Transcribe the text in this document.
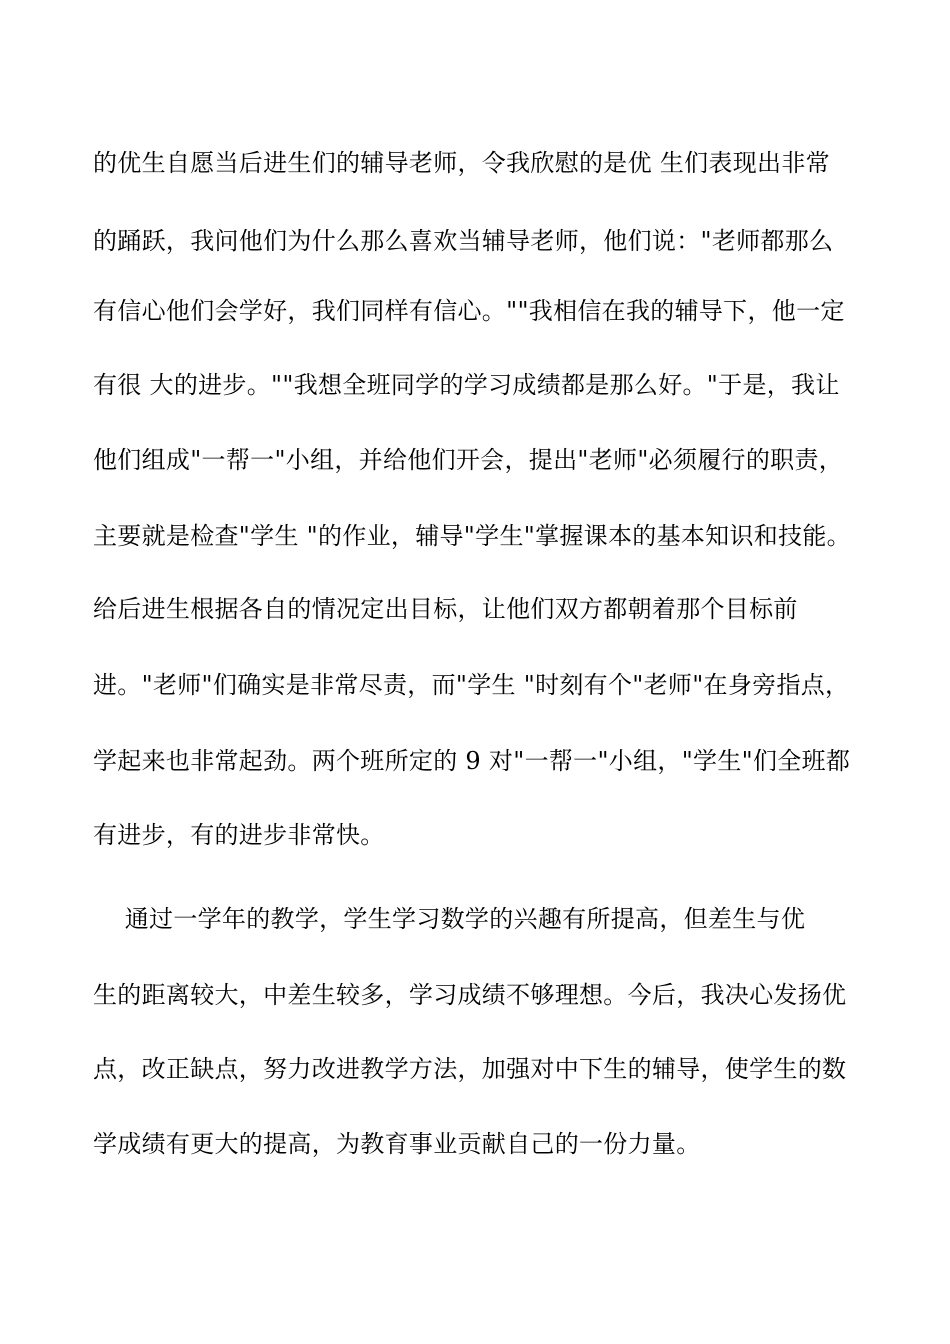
的优生自愿当后进生们的辅导老师，令我欣慰的是优 生们表现出非常
的踊跃，我问他们为什么那么喜欢当辅导老师，他们说："老师都那么
有信心他们会学好，我们同样有信心。""我相信在我的辅导下，他一定
有很 大的进步。""我想全班同学的学习成绩都是那么好。"于是，我让
他们组成"一帮一"小组，并给他们开会，提出"老师"必须履行的职责，
主要就是检查"学生 "的作业，辅导"学生"掌握课本的基本知识和技能。
给后进生根据各自的情况定出目标，让他们双方都朝着那个目标前
进。"老师"们确实是非常尽责，而"学生 "时刻有个"老师"在身旁指点，
学起来也非常起劲。两个班所定的 9 对"一帮一"小组，"学生"们全班都
有进步，有的进步非常快。
通过一学年的教学，学生学习数学的兴趣有所提高，但差生与优
生的距离较大，中差生较多，学习成绩不够理想。今后，我决心发扬优
点，改正缺点，努力改进教学方法，加强对中下生的辅导，使学生的数
学成绩有更大的提高，为教育事业贡献自己的一份力量。
